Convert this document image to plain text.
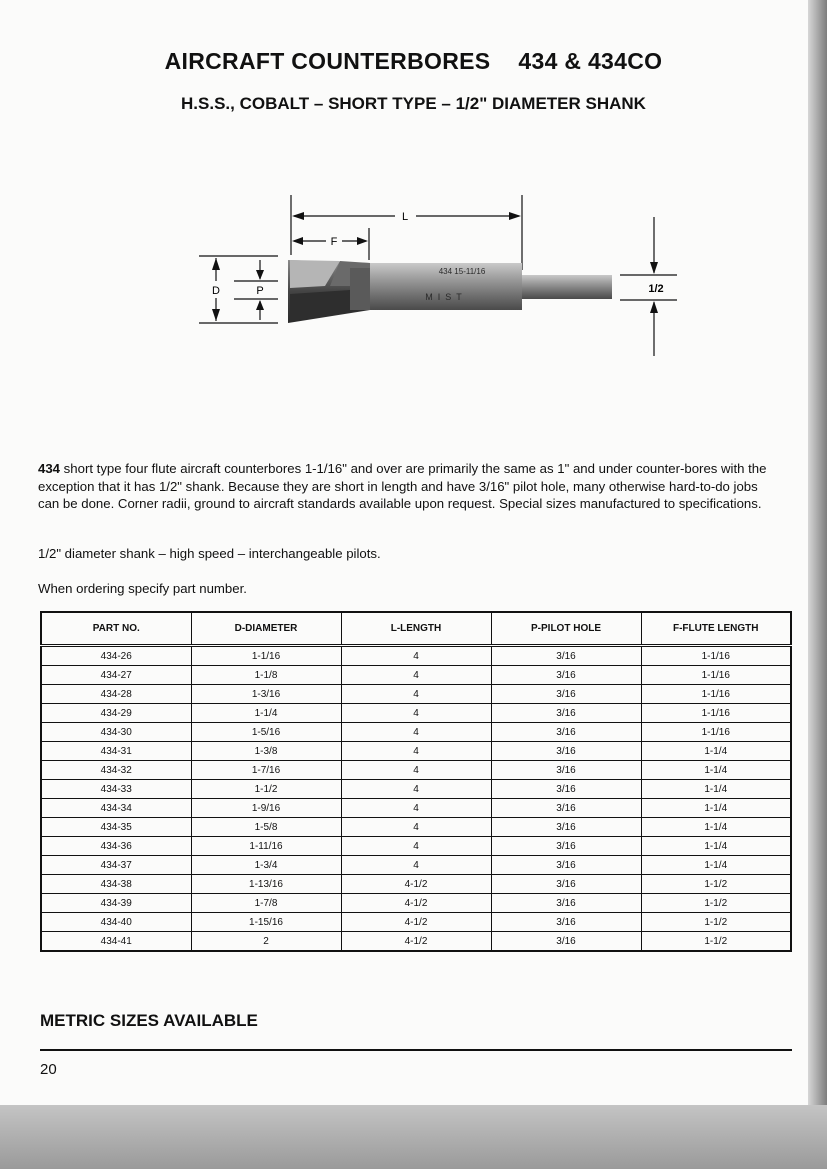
AIRCRAFT COUNTERBORES 434 & 434CO
H.S.S., COBALT – SHORT TYPE – 1/2" DIAMETER SHANK
L
F
D	P	1/2
434 15-11/16
MIST
434 short type four flute aircraft counterbores 1-1/16" and over are primarily the same as 1" and under counter-bores with the exception that it has 1/2" shank. Because they are short in length and have 3/16" pilot hole, many otherwise hard-to-do jobs can be done. Corner radii, ground to aircraft standards available upon request. Special sizes manufactured to specifications.
1/2" diameter shank – high speed – interchangeable pilots.
When ordering specify part number.
PART NO.	D-DIAMETER	L-LENGTH	P-PILOT HOLE	F-FLUTE LENGTH
434-26	1-1/16	4	3/16	1-1/16
434-27	1-1/8	4	3/16	1-1/16
434-28	1-3/16	4	3/16	1-1/16
434-29	1-1/4	4	3/16	1-1/16
434-30	1-5/16	4	3/16	1-1/16
434-31	1-3/8	4	3/16	1-1/4
434-32	1-7/16	4	3/16	1-1/4
434-33	1-1/2	4	3/16	1-1/4
434-34	1-9/16	4	3/16	1-1/4
434-35	1-5/8	4	3/16	1-1/4
434-36	1-11/16	4	3/16	1-1/4
434-37	1-3/4	4	3/16	1-1/4
434-38	1-13/16	4-1/2	3/16	1-1/2
434-39	1-7/8	4-1/2	3/16	1-1/2
434-40	1-15/16	4-1/2	3/16	1-1/2
434-41	2	4-1/2	3/16	1-1/2
METRIC SIZES AVAILABLE
20
